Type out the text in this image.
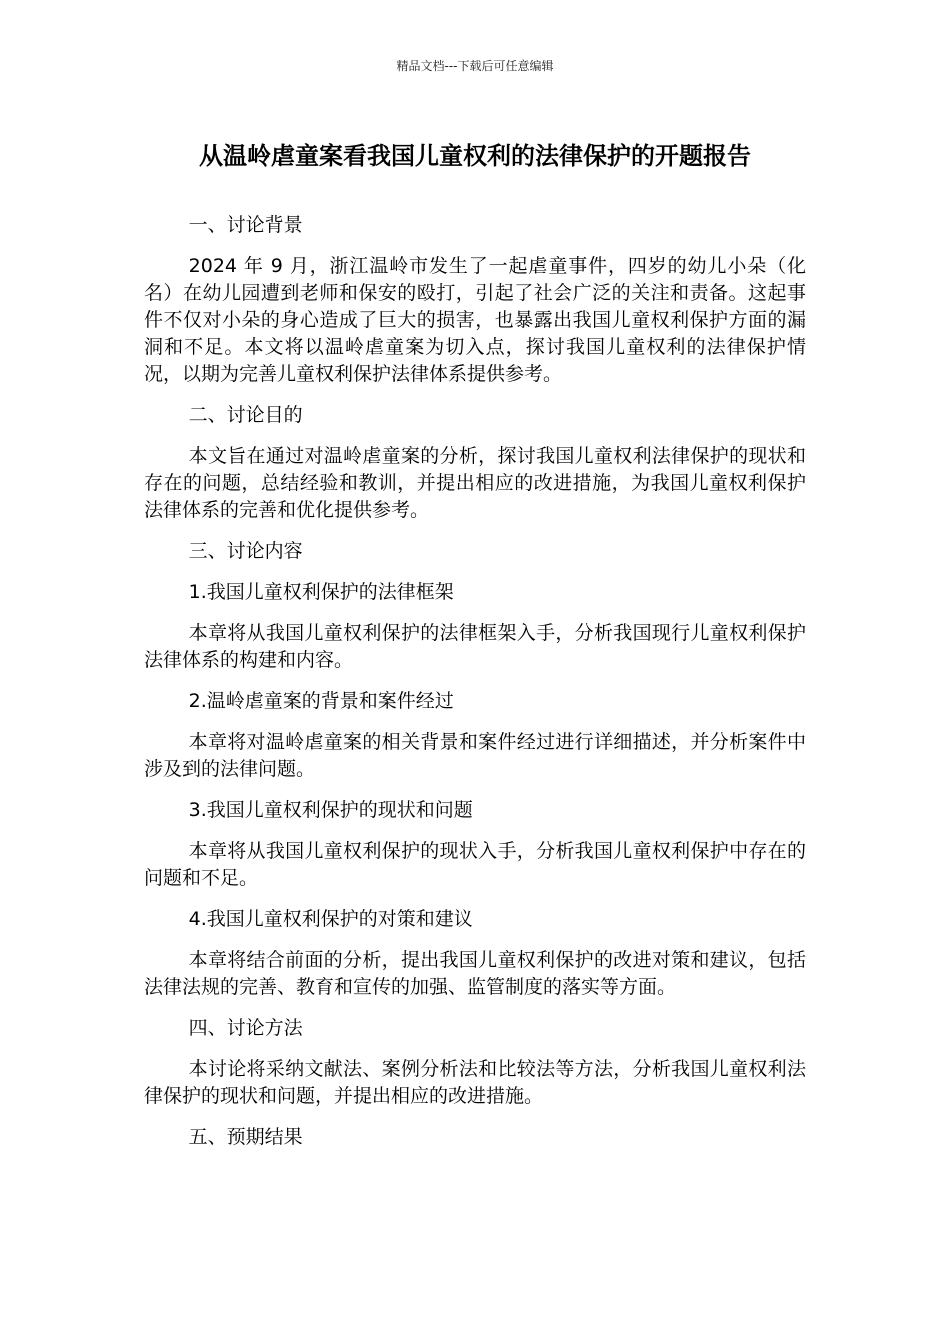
精品文档---下载后可任意编辑
从温岭虐童案看我国儿童权利的法律保护的开题报告

一、讨论背景

2024 年 9 月，浙江温岭市发生了一起虐童事件，四岁的幼儿小朵（化名）在幼儿园遭到老师和保安的殴打，引起了社会广泛的关注和责备。这起事件不仅对小朵的身心造成了巨大的损害，也暴露出我国儿童权利保护方面的漏洞和不足。本文将以温岭虐童案为切入点，探讨我国儿童权利的法律保护情况，以期为完善儿童权利保护法律体系提供参考。

二、讨论目的

本文旨在通过对温岭虐童案的分析，探讨我国儿童权利法律保护的现状和存在的问题，总结经验和教训，并提出相应的改进措施，为我国儿童权利保护法律体系的完善和优化提供参考。

三、讨论内容

1.我国儿童权利保护的法律框架

本章将从我国儿童权利保护的法律框架入手，分析我国现行儿童权利保护法律体系的构建和内容。

2.温岭虐童案的背景和案件经过

本章将对温岭虐童案的相关背景和案件经过进行详细描述，并分析案件中涉及到的法律问题。

3.我国儿童权利保护的现状和问题

本章将从我国儿童权利保护的现状入手，分析我国儿童权利保护中存在的问题和不足。

4.我国儿童权利保护的对策和建议

本章将结合前面的分析，提出我国儿童权利保护的改进对策和建议，包括法律法规的完善、教育和宣传的加强、监管制度的落实等方面。

四、讨论方法

本讨论将采纳文献法、案例分析法和比较法等方法，分析我国儿童权利法律保护的现状和问题，并提出相应的改进措施。

五、预期结果
